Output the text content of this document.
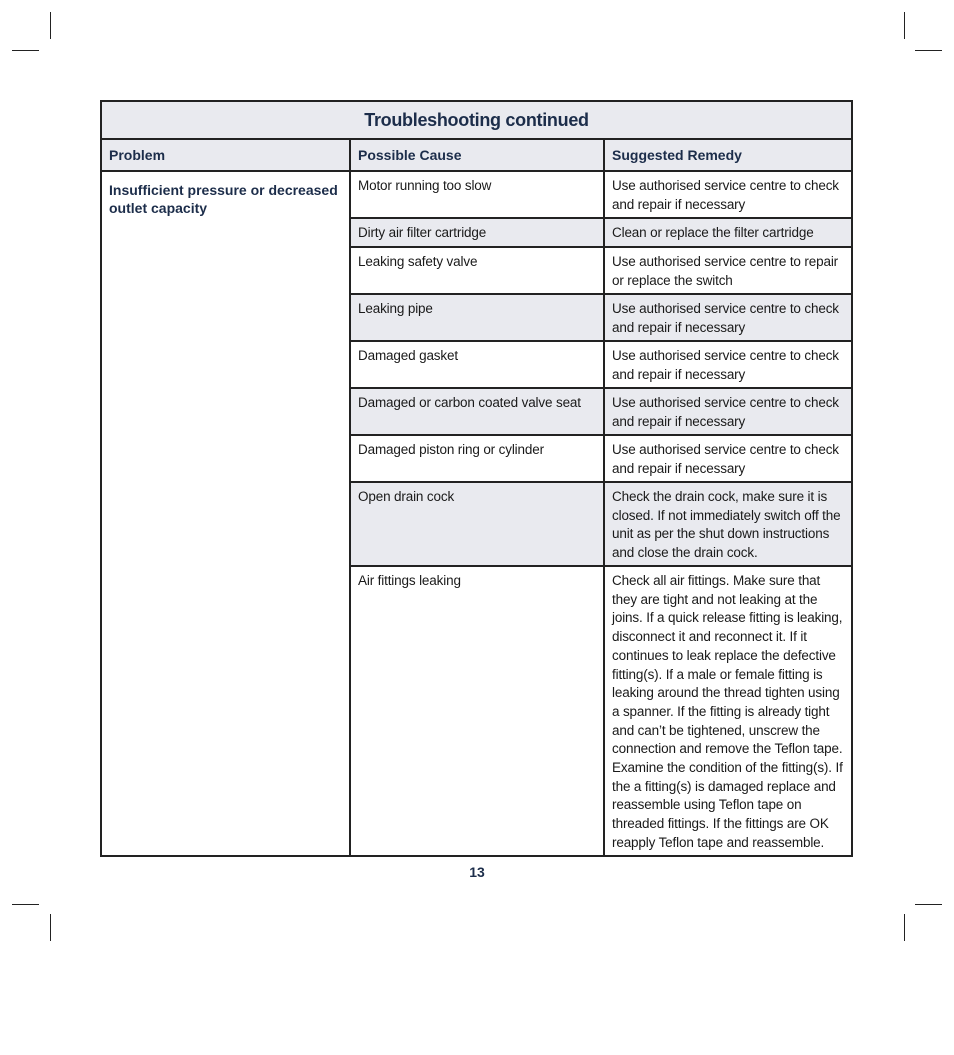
Troubleshooting continued
Problem
Insufficient pressure or decreased outlet capacity
Possible Cause
Motor running too slow
Dirty air filter cartridge
Leaking safety valve
Leaking pipe
Damaged gasket
Damaged or carbon coated valve seat
Damaged piston ring or cylinder
Open drain cock
Air fittings leaking
Suggested Remedy
Use authorised service centre to check and repair if necessary
Clean or replace the filter cartridge
Use authorised service centre to repair or replace the switch
Use authorised service centre to check and repair if necessary
Use authorised service centre to check and repair if necessary
Use authorised service centre to check and repair if necessary
Use authorised service centre to check and repair if necessary
Check the drain cock, make sure it is closed. If not immediately switch off the unit as per the shut down instructions and close the drain cock.
Check all air fittings. Make sure that they are tight and not leaking at the joins. If a quick release fitting is leaking, disconnect it and reconnect it. If it continues to leak replace the defective fitting(s). If a male or female fitting is leaking around the thread tighten using a spanner. If the fitting is already tight and can’t be tightened, unscrew the connection and remove the Teflon tape. Examine the condition of the fitting(s). If the a fitting(s) is damaged replace and reassemble using Teflon tape on threaded fittings. If the fittings are OK reapply Teflon tape and reassemble.
13
